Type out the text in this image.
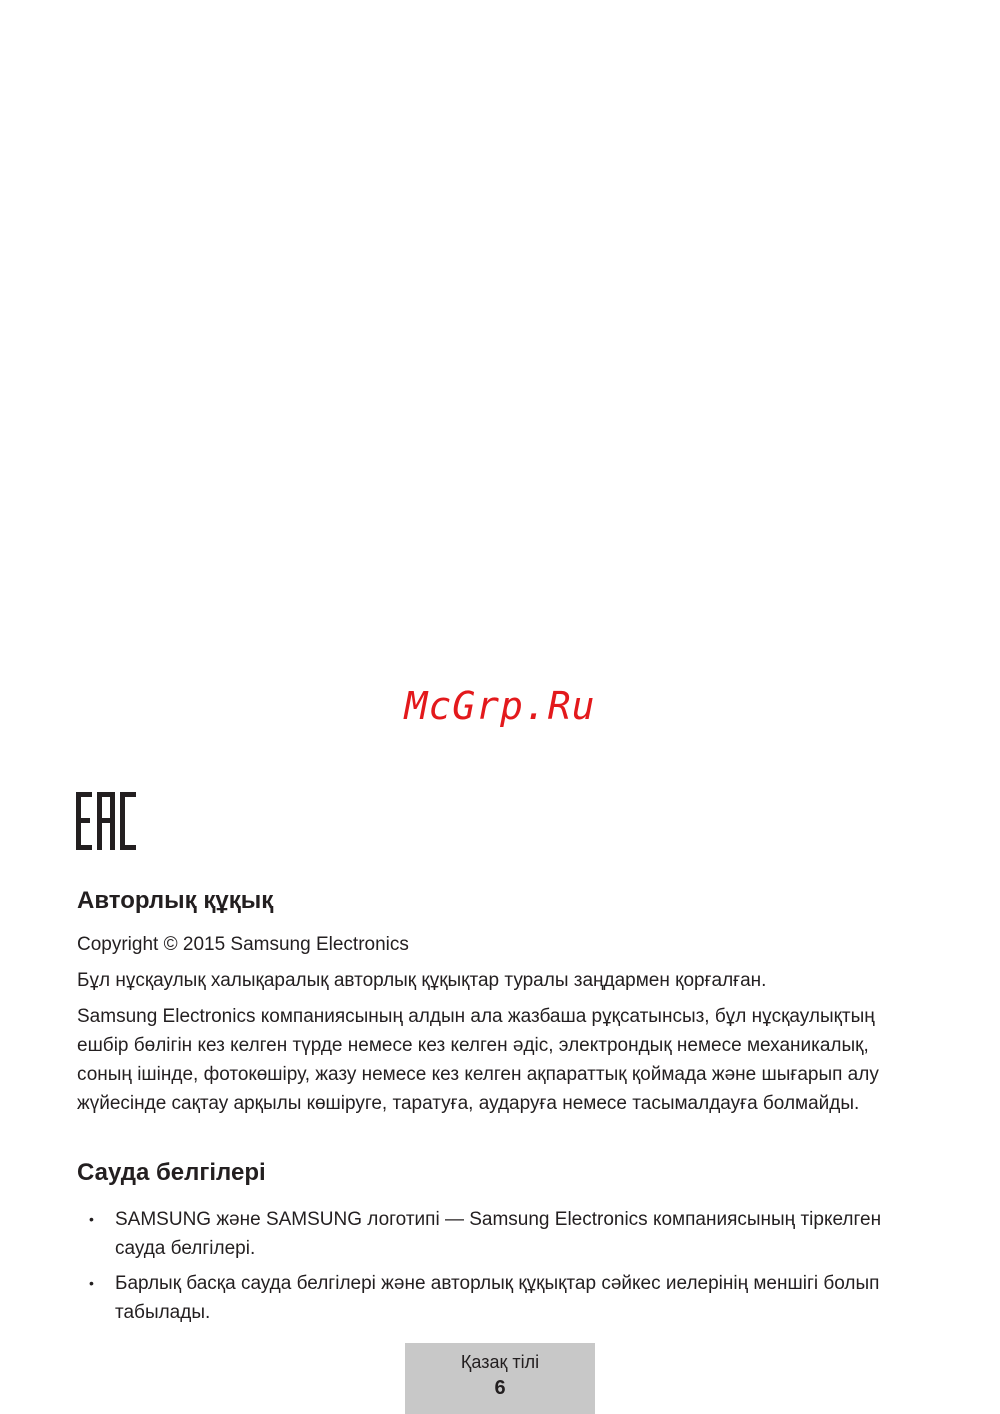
McGrp.Ru
Авторлық құқық

Copyright © 2015 Samsung Electronics

Бұл нұсқаулық халықаралық авторлық құқықтар туралы заңдармен қорғалған.

Samsung Electronics компаниясының алдын ала жазбаша рұқсатынсыз, бұл нұсқаулықтың ешбір бөлігін кез келген түрде немесе кез келген әдіс, электрондық немесе механикалық, соның ішінде, фотокөшіру, жазу немесе кез келген ақпараттық қоймада және шығарып алу жүйесінде сақтау арқылы көшіруге, таратуға, аударуға немесе тасымалдауға болмайды.

Сауда белгілері
• SAMSUNG және SAMSUNG логотипі — Samsung Electronics компаниясының тіркелген сауда белгілері.
• Барлық басқа сауда белгілері және авторлық құқықтар сәйкес иелерінің меншігі болып табылады.
Қазақ тілі
6
